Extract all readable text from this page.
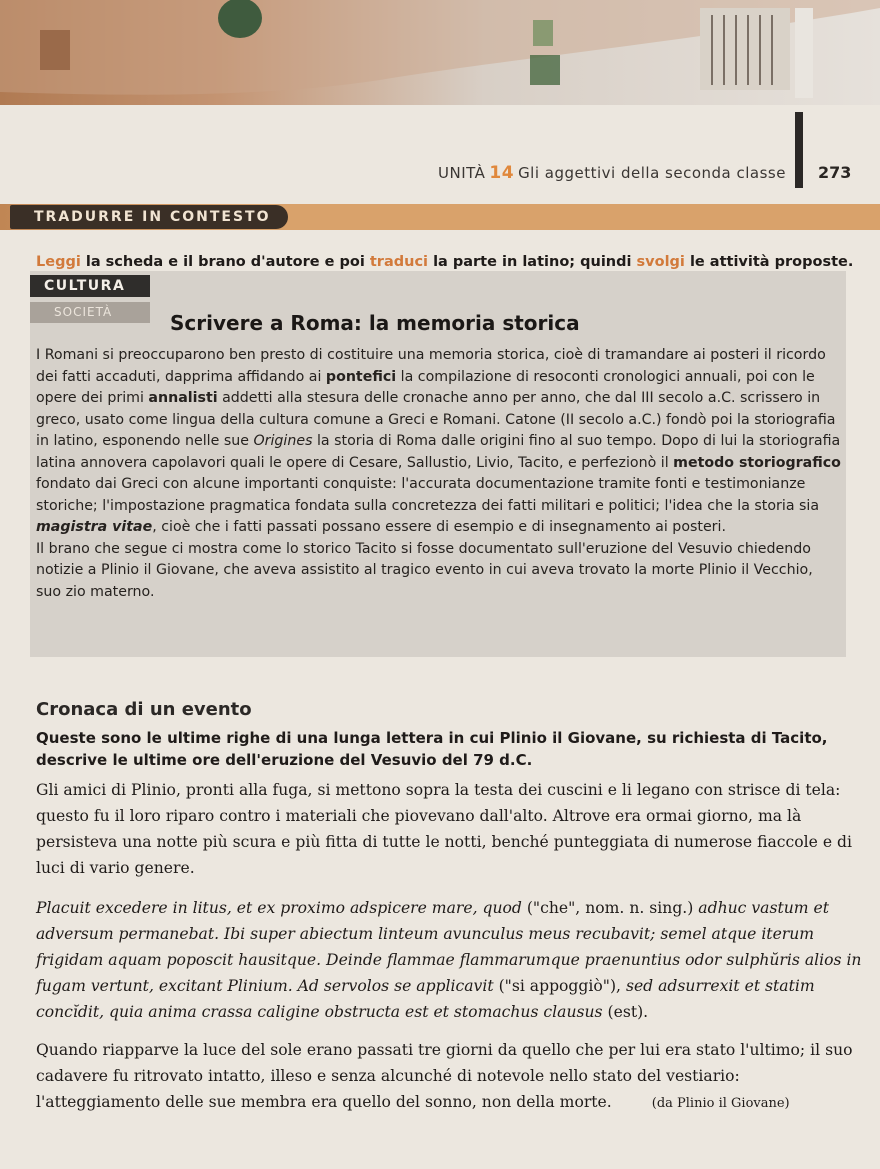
UNITÀ 14 Gli aggettivi della seconda classe 273
TRADURRE IN CONTESTO
Leggi la scheda e il brano d'autore e poi traduci la parte in latino; quindi svolgi le attività proposte.
CULTURA
SOCIETÀ	Scrivere a Roma: la memoria storica

I Romani si preoccuparono ben presto di costituire una memoria storica, cioè di tramandare ai posteri il ricordo dei fatti accaduti, dapprima affidando ai pontefici la compilazione di resoconti cronologici annuali, poi con le opere dei primi annalisti addetti alla stesura delle cronache anno per anno, che dal III secolo a.C. scrissero in greco, usato come lingua della cultura comune a Greci e Romani. Catone (II secolo a.C.) fondò poi la storiografia in latino, esponendo nelle sue Origines la storia di Roma dalle origini fino al suo tempo. Dopo di lui la storiografia latina annovera capolavori quali le opere di Cesare, Sallustio, Livio, Tacito, e perfezionò il metodo storiografico fondato dai Greci con alcune importanti conquiste: l'accurata documentazione tramite fonti e testimonianze storiche; l'impostazione pragmatica fondata sulla concretezza dei fatti militari e politici; l'idea che la storia sia magistra vitae, cioè che i fatti passati possano essere di esempio e di insegnamento ai posteri.

Il brano che segue ci mostra come lo storico Tacito si fosse documentato sull'eruzione del Vesuvio chiedendo notizie a Plinio il Giovane, che aveva assistito al tragico evento in cui aveva trovato la morte Plinio il Vecchio, suo zio materno.

Cronaca di un evento
Queste sono le ultime righe di una lunga lettera in cui Plinio il Giovane, su richiesta di Tacito, descrive le ultime ore dell'eruzione del Vesuvio del 79 d.C.
Gli amici di Plinio, pronti alla fuga, si mettono sopra la testa dei cuscini e li legano con strisce di tela: questo fu il loro riparo contro i materiali che piovevano dall'alto. Altrove era ormai giorno, ma là persisteva una notte più scura e più fitta di tutte le notti, benché punteggiata di numerose fiaccole e di luci di vario genere.
Placuit excedere in litus, et ex proximo adspicere mare, quod ("che", nom. n. sing.) adhuc vastum et adversum permanebat. Ibi super abiectum linteum avunculus meus recubavit; semel atque iterum frigidam aquam poposcit hausitque. Deinde flammae flammarumque praenuntius odor sulphŭris alios in fugam vertunt, excitant Plinium. Ad servolos se applicavit ("si appoggiò"), sed adsurrexit et statim concĭdit, quia anima crassa caligine obstructa est et stomachus clausus (est).
Quando riapparve la luce del sole erano passati tre giorni da quello che per lui era stato l'ultimo; il suo cadavere fu ritrovato intatto, illeso e senza alcunché di notevole nello stato del vestiario: l'atteggiamento delle sue membra era quello del sonno, non della morte.	(da Plinio il Giovane)
